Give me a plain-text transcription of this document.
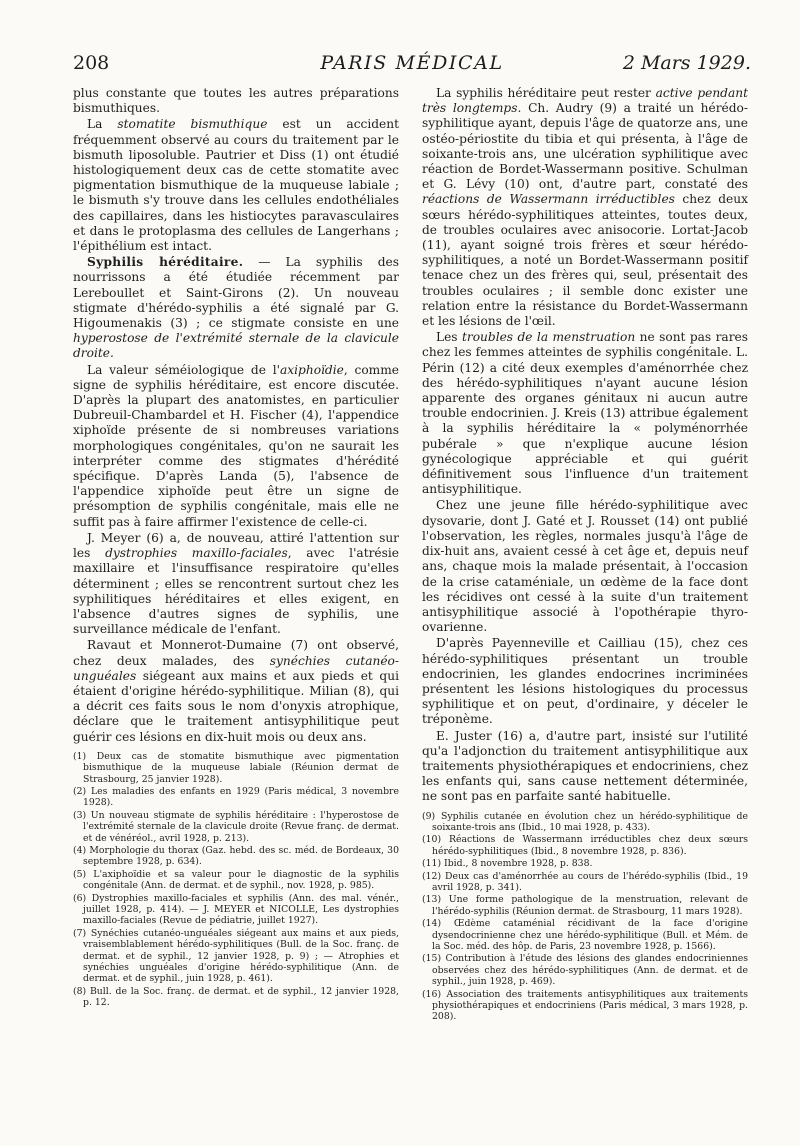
208	PARIS MÉDICAL	2 Mars 1929.

plus constante que toutes les autres préparations bismuthiques.

La stomatite bismuthique est un accident fréquemment observé au cours du traitement par le bismuth liposoluble. Pautrier et Diss (1) ont étudié histologiquement deux cas de cette stomatite avec pigmentation bismuthique de la muqueuse labiale ; le bismuth s'y trouve dans les cellules endothéliales des capillaires, dans les histiocytes paravasculaires et dans le protoplasma des cellules de Langerhans ; l'épithélium est intact.

Syphilis héréditaire. — La syphilis des nourrissons a été étudiée récemment par Lereboullet et Saint-Girons (2). Un nouveau stigmate d'hérédo-syphilis a été signalé par G. Higoumenakis (3) ; ce stigmate consiste en une hyperostose de l'extrémité sternale de la clavicule droite.

La valeur séméiologique de l'axiphoïdie, comme signe de syphilis héréditaire, est encore discutée. D'après la plupart des anatomistes, en particulier Dubreuil-Chambardel et H. Fischer (4), l'appendice xiphoïde présente de si nombreuses variations morphologiques congénitales, qu'on ne saurait les interpréter comme des stigmates d'hérédité spécifique. D'après Landa (5), l'absence de l'appendice xiphoïde peut être un signe de présomption de syphilis congénitale, mais elle ne suffit pas à faire affirmer l'existence de celle-ci.

J. Meyer (6) a, de nouveau, attiré l'attention sur les dystrophies maxillo-faciales, avec l'atrésie maxillaire et l'insuffisance respiratoire qu'elles déterminent ; elles se rencontrent surtout chez les syphilitiques héréditaires et elles exigent, en l'absence d'autres signes de syphilis, une surveillance médicale de l'enfant.

Ravaut et Monnerot-Dumaine (7) ont observé, chez deux malades, des synéchies cutanéo-unguéales siégeant aux mains et aux pieds et qui étaient d'origine hérédo-syphilitique. Milian (8), qui a décrit ces faits sous le nom d'onyxis atrophique, déclare que le traitement antisyphilitique peut guérir ces lésions en dix-huit mois ou deux ans.

(1) Deux cas de stomatite bismuthique avec pigmentation bismuthique de la muqueuse labiale (Réunion dermat de Strasbourg, 25 janvier 1928).

(2) Les maladies des enfants en 1929 (Paris médical, 3 novembre 1928).

(3) Un nouveau stigmate de syphilis héréditaire : l'hyperostose de l'extrémité sternale de la clavicule droite (Revue franç. de dermat. et de vénéréol., avril 1928, p. 213).

(4) Morphologie du thorax (Gaz. hebd. des sc. méd. de Bordeaux, 30 septembre 1928, p. 634).

(5) L'axiphoïdie et sa valeur pour le diagnostic de la syphilis congénitale (Ann. de dermat. et de syphil., nov. 1928, p. 985).

(6) Dystrophies maxillo-faciales et syphilis (Ann. des mal. vénér., juillet 1928, p. 414). — J. MEYER et NICOLLE, Les dystrophies maxillo-faciales (Revue de pédiatrie, juillet 1927).

(7) Synéchies cutanéo-unguéales siégeant aux mains et aux pieds, vraisemblablement hérédo-syphilitiques (Bull. de la Soc. franç. de dermat. et de syphil., 12 janvier 1928, p. 9) ; — Atrophies et synéchies unguéales d'origine hérédo-syphilitique (Ann. de dermat. et de syphil., juin 1928, p. 461).

(8) Bull. de la Soc. franç. de dermat. et de syphil., 12 janvier 1928, p. 12.

La syphilis héréditaire peut rester active pendant très longtemps. Ch. Audry (9) a traité un hérédo-syphilitique ayant, depuis l'âge de quatorze ans, une ostéo-périostite du tibia et qui présenta, à l'âge de soixante-trois ans, une ulcération syphilitique avec réaction de Bordet-Wassermann positive. Schulman et G. Lévy (10) ont, d'autre part, constaté des réactions de Wassermann irréductibles chez deux sœurs hérédo-syphilitiques atteintes, toutes deux, de troubles oculaires avec anisocorie. Lortat-Jacob (11), ayant soigné trois frères et sœur hérédo-syphilitiques, a noté un Bordet-Wassermann positif tenace chez un des frères qui, seul, présentait des troubles oculaires ; il semble donc exister une relation entre la résistance du Bordet-Wassermann et les lésions de l'œil.

Les troubles de la menstruation ne sont pas rares chez les femmes atteintes de syphilis congénitale. L. Périn (12) a cité deux exemples d'aménorrhée chez des hérédo-syphilitiques n'ayant aucune lésion apparente des organes génitaux ni aucun autre trouble endocrinien. J. Kreis (13) attribue également à la syphilis héréditaire la « polyménorrhée pubérale » que n'explique aucune lésion gynécologique appréciable et qui guérit définitivement sous l'influence d'un traitement antisyphilitique.

Chez une jeune fille hérédo-syphilitique avec dysovarie, dont J. Gaté et J. Rousset (14) ont publié l'observation, les règles, normales jusqu'à l'âge de dix-huit ans, avaient cessé à cet âge et, depuis neuf ans, chaque mois la malade présentait, à l'occasion de la crise cataméniale, un œdème de la face dont les récidives ont cessé à la suite d'un traitement antisyphilitique associé à l'opothérapie thyro-ovarienne.

D'après Payenneville et Cailliau (15), chez ces hérédo-syphilitiques présentant un trouble endocrinien, les glandes endocrines incriminées présentent les lésions histologiques du processus syphilitique et on peut, d'ordinaire, y déceler le tréponème.

E. Juster (16) a, d'autre part, insisté sur l'utilité qu'a l'adjonction du traitement antisyphilitique aux traitements physiothérapiques et endocriniens, chez les enfants qui, sans cause nettement déterminée, ne sont pas en parfaite santé habituelle.

(9) Syphilis cutanée en évolution chez un hérédo-syphilitique de soixante-trois ans (Ibid., 10 mai 1928, p. 433).

(10) Réactions de Wassermann irréductibles chez deux sœurs hérédo-syphilitiques (Ibid., 8 novembre 1928, p. 836).

(11) Ibid., 8 novembre 1928, p. 838.

(12) Deux cas d'aménorrhée au cours de l'hérédo-syphilis (Ibid., 19 avril 1928, p. 341).

(13) Une forme pathologique de la menstruation, relevant de l'hérédo-syphilis (Réunion dermat. de Strasbourg, 11 mars 1928).

(14) Œdème cataménial récidivant de la face d'origine dysendocrinienne chez une hérédo-syphilitique (Bull. et Mém. de la Soc. méd. des hôp. de Paris, 23 novembre 1928, p. 1566).

(15) Contribution à l'étude des lésions des glandes endocriniennes observées chez des hérédo-syphilitiques (Ann. de dermat. et de syphil., juin 1928, p. 469).

(16) Association des traitements antisyphilitiques aux traitements physiothérapiques et endocriniens (Paris médical, 3 mars 1928, p. 208).
